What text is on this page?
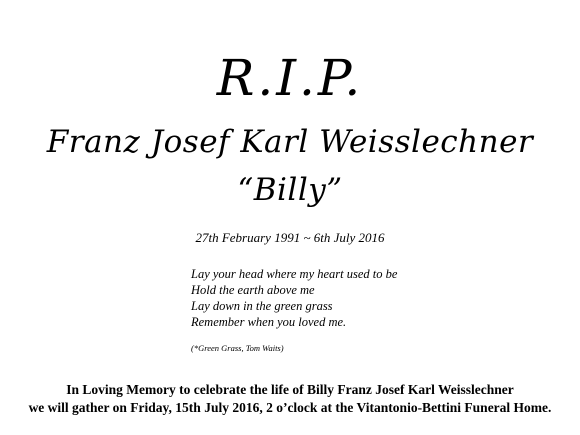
R.I.P.
Franz Josef Karl Weisslechner
“Billy”

27th February 1991 ~ 6th July 2016

Lay your head where my heart used to be
Hold the earth above me
Lay down in the green grass
Remember when you loved me.
(*Green Grass, Tom Waits)
In Loving Memory to celebrate the life of Billy Franz Josef Karl Weisslechner
we will gather on Friday, 15th July 2016, 2 o’clock at the Vitantonio-Bettini Funeral Home.
